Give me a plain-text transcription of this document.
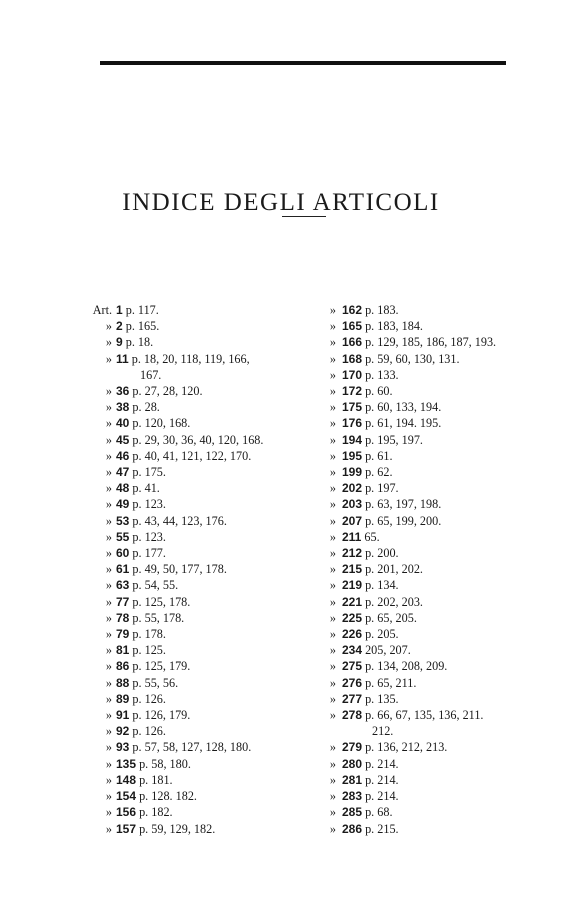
INDICE DEGLI ARTICOLI
Art. 1 p. 117.
» 2 p. 165.
» 9 p. 18.
» 11 p. 18, 20, 118, 119, 166,
167.
» 36 p. 27, 28, 120.
» 38 p. 28.
» 40 p. 120, 168.
» 45 p. 29, 30, 36, 40, 120, 168.
» 46 p. 40, 41, 121, 122, 170.
» 47 p. 175.
» 48 p. 41.
» 49 p. 123.
» 53 p. 43, 44, 123, 176.
» 55 p. 123.
» 60 p. 177.
» 61 p. 49, 50, 177, 178.
» 63 p. 54, 55.
» 77 p. 125, 178.
» 78 p. 55, 178.
» 79 p. 178.
» 81 p. 125.
» 86 p. 125, 179.
» 88 p. 55, 56.
» 89 p. 126.
» 91 p. 126, 179.
» 92 p. 126.
» 93 p. 57, 58, 127, 128, 180.
» 135 p. 58, 180.
» 148 p. 181.
» 154 p. 128. 182.
» 156 p. 182.
» 157 p. 59, 129, 182.
» 162 p. 183.
» 165 p. 183, 184.
» 166 p. 129, 185, 186, 187, 193.
» 168 p. 59, 60, 130, 131.
» 170 p. 133.
» 172 p. 60.
» 175 p. 60, 133, 194.
» 176 p. 61, 194. 195.
» 194 p. 195, 197.
» 195 p. 61.
» 199 p. 62.
» 202 p. 197.
» 203 p. 63, 197, 198.
» 207 p. 65, 199, 200.
» 211 65.
» 212 p. 200.
» 215 p. 201, 202.
» 219 p. 134.
» 221 p. 202, 203.
» 225 p. 65, 205.
» 226 p. 205.
» 234 205, 207.
» 275 p. 134, 208, 209.
» 276 p. 65, 211.
» 277 p. 135.
» 278 p. 66, 67, 135, 136, 211.
212.
» 279 p. 136, 212, 213.
» 280 p. 214.
» 281 p. 214.
» 283 p. 214.
» 285 p. 68.
» 286 p. 215.
